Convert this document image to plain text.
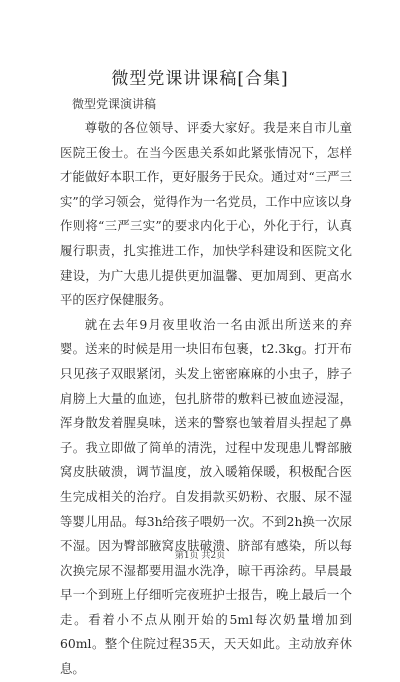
微型党课讲课稿[合集]
微型党课演讲稿

尊敬的各位领导、评委大家好。我是来自市儿童医院王俊士。在当今医患关系如此紧张情况下，怎样才能做好本职工作，更好服务于民众。通过对“三严三实”的学习领会，觉得作为一名党员，工作中应该以身作则将“三严三实”的要求内化于心，外化于行，认真履行职责，扎实推进工作，加快学科建设和医院文化建设，为广大患儿提供更加温馨、更加周到、更高水平的医疗保健服务。

就在去年9月夜里收治一名由派出所送来的弃婴。送来的时候是用一块旧布包裹，t2.3kg。打开布只见孩子双眼紧闭，头发上密密麻麻的小虫子，脖子肩膀上大量的血迹，包扎脐带的敷料已被血迹浸湿，浑身散发着腥臭味，送来的警察也皱着眉头捏起了鼻子。我立即做了简单的清洗，过程中发现患儿臀部腋窝皮肤破溃，调节温度，放入暖箱保暖，积极配合医生完成相关的治疗。自发捐款买奶粉、衣服、尿不湿等婴儿用品。每3h给孩子喂奶一次。不到2h换一次尿不湿。因为臀部腋窝皮肤破溃、脐部有感染，所以每次换完尿不湿都要用温水洗净，晾干再涂药。早晨最早一个到班上仔细听完夜班护士报告，晚上最后一个走。看着小不点从刚开始的5ml每次奶量增加到60ml。整个住院过程35天，天天如此。主动放弃休息。

第1页 共2页
